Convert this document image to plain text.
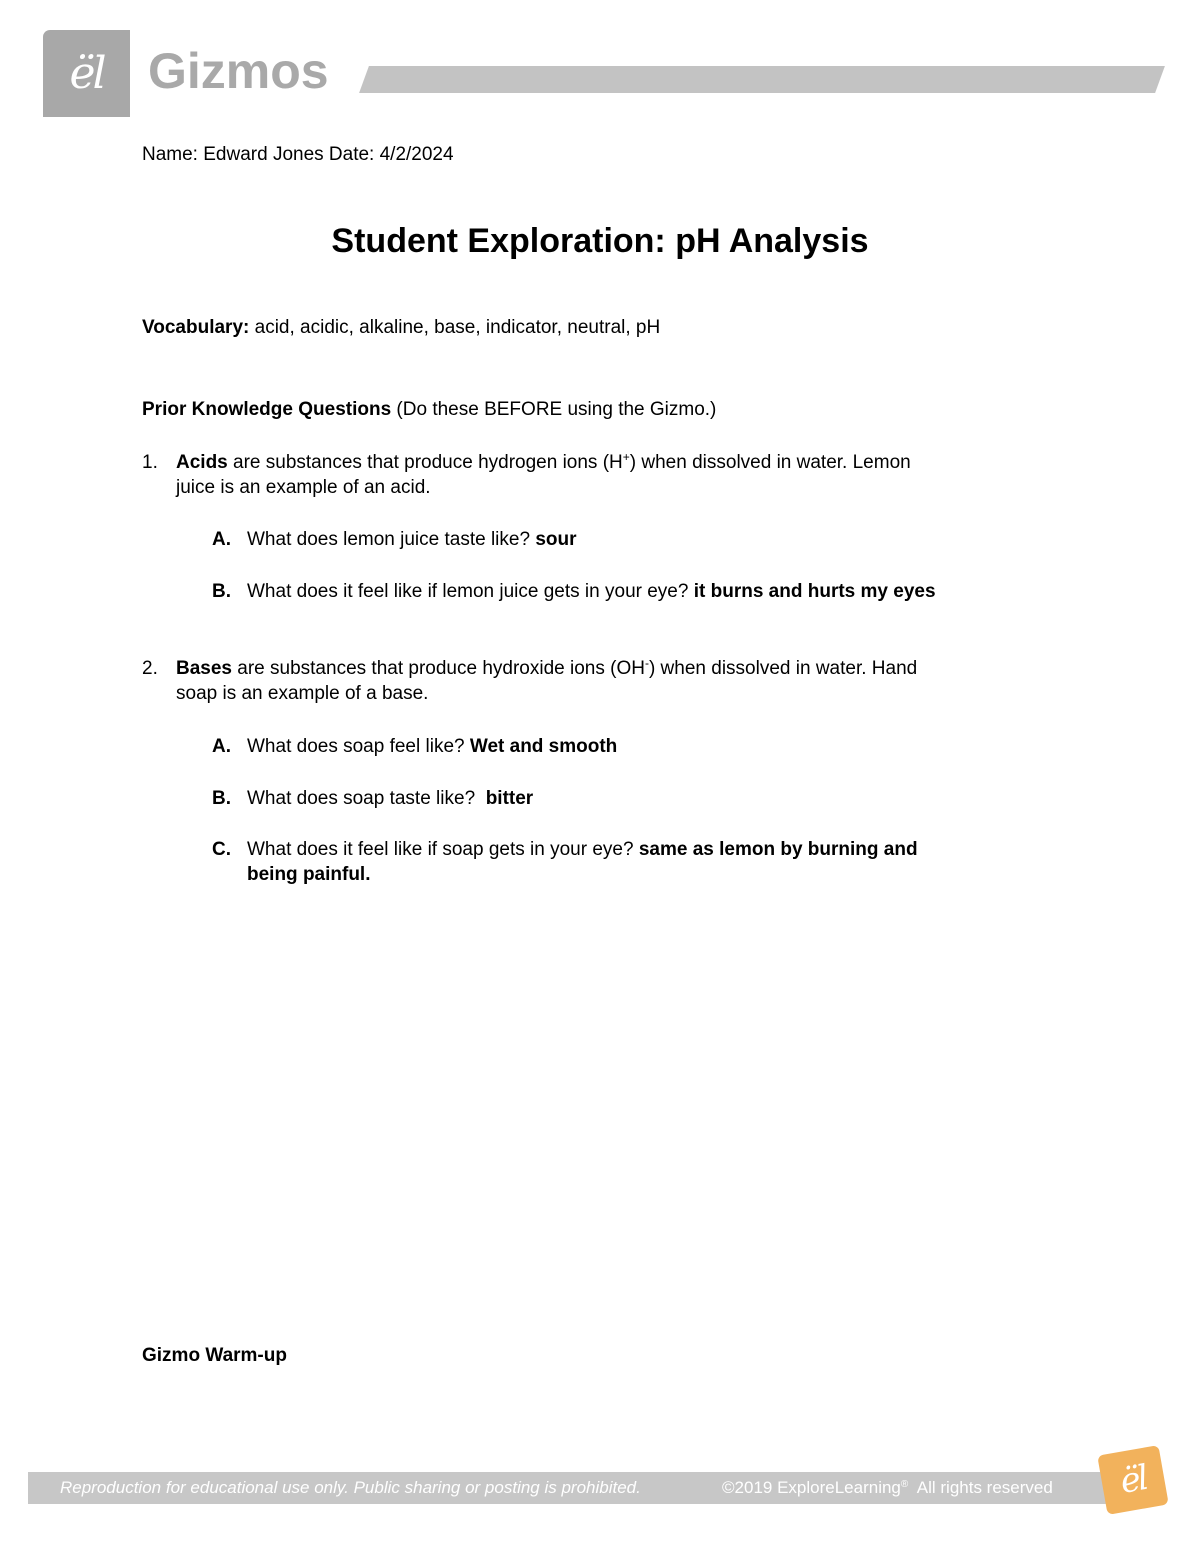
ël Gizmos
Name: Edward Jones Date: 4/2/2024
Student Exploration: pH Analysis
Vocabulary: acid, acidic, alkaline, base, indicator, neutral, pH
Prior Knowledge Questions (Do these BEFORE using the Gizmo.)
1. Acids are substances that produce hydrogen ions (H+) when dissolved in water. Lemon
juice is an example of an acid.
A. What does lemon juice taste like? sour
B. What does it feel like if lemon juice gets in your eye? it burns and hurts my eyes
2. Bases are substances that produce hydroxide ions (OH-) when dissolved in water. Hand
soap is an example of a base.
A. What does soap feel like? Wet and smooth
B. What does soap taste like?  bitter
C. What does it feel like if soap gets in your eye? same as lemon by burning and
being painful.
Gizmo Warm-up
Reproduction for educational use only. Public sharing or posting is prohibited.	©2019 ExploreLearning®  All rights reserved	ël
